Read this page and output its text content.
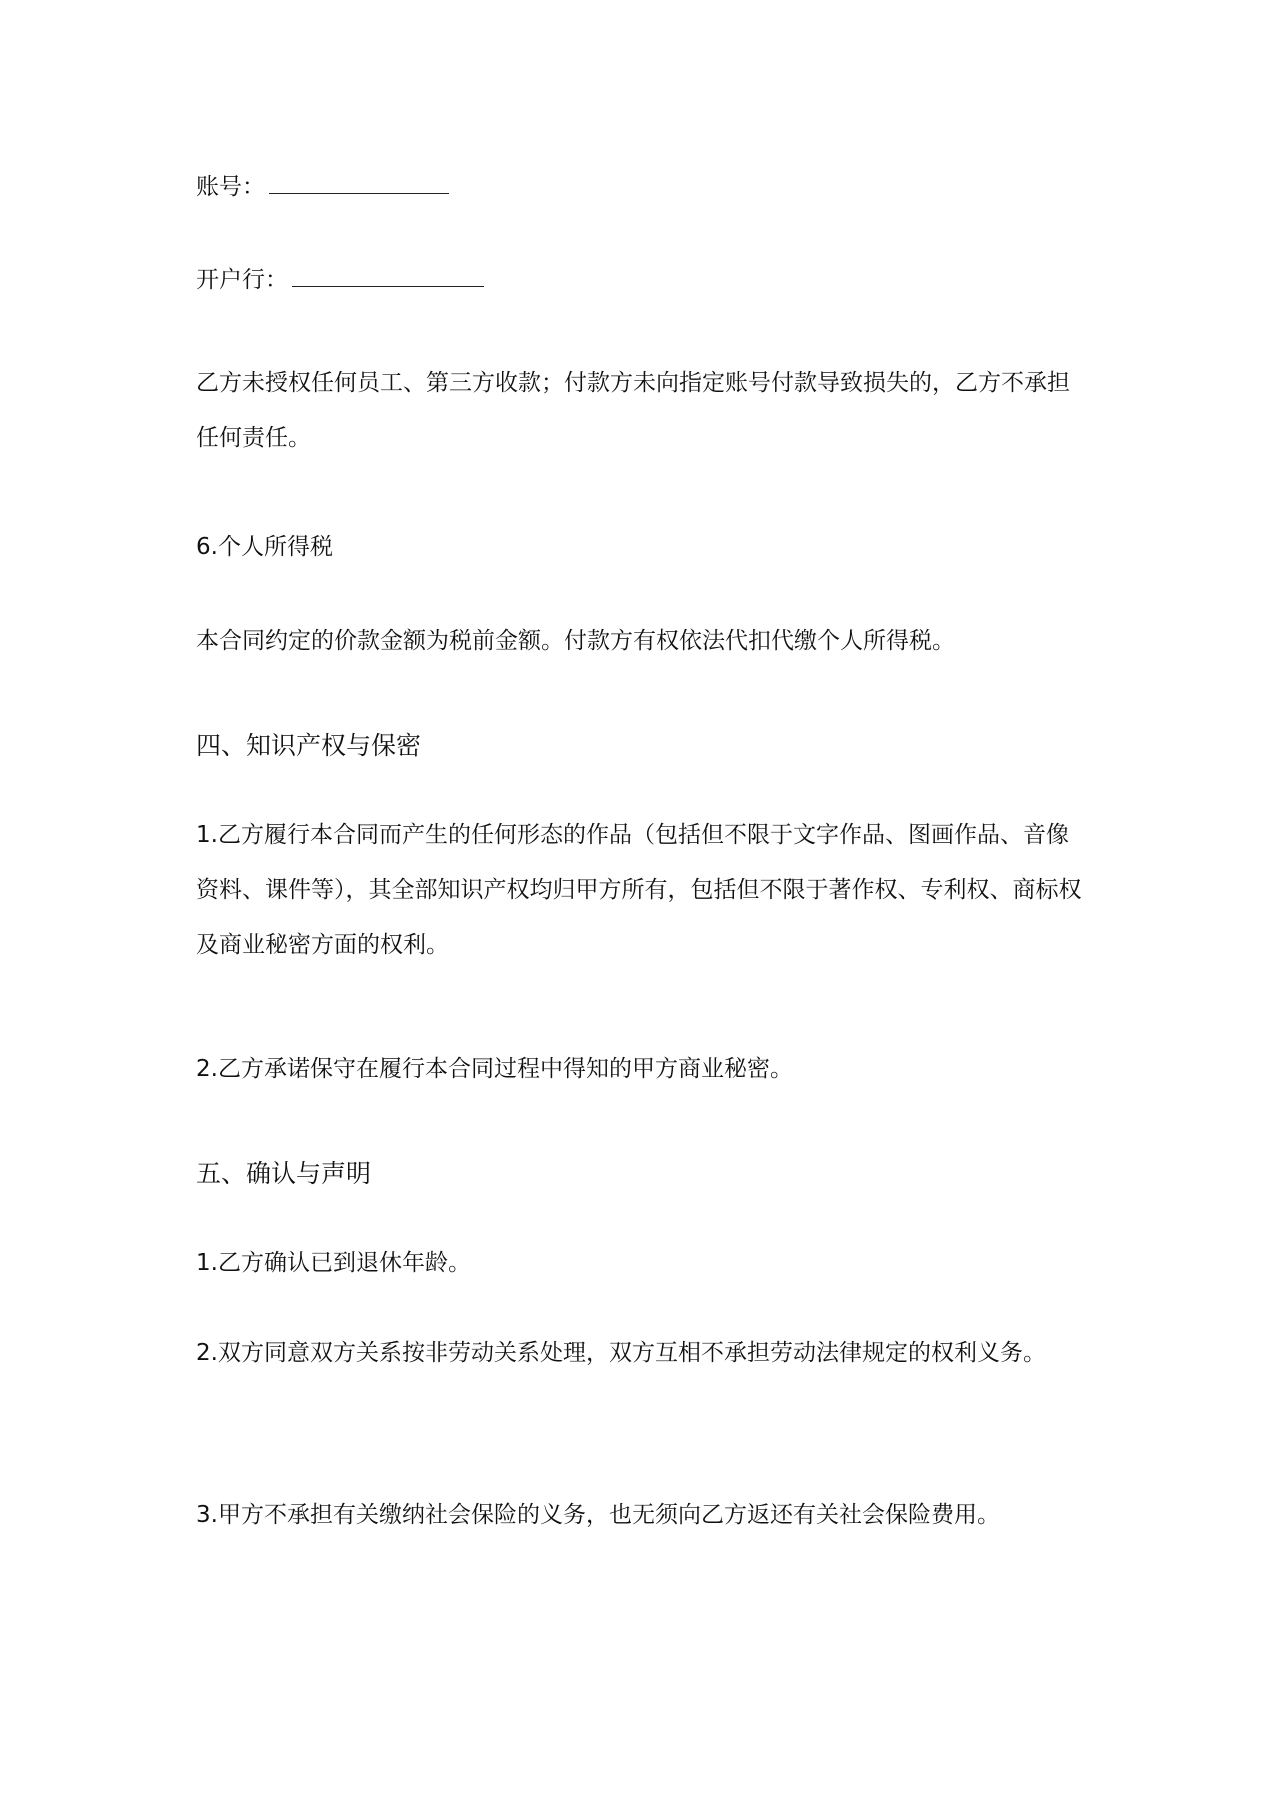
账号：

开户行：

乙方未授权任何员工、第三方收款；付款方未向指定账号付款导致损失的，乙方不承担任何责任。

6.个人所得税

本合同约定的价款金额为税前金额。付款方有权依法代扣代缴个人所得税。

四、知识产权与保密

1.乙方履行本合同而产生的任何形态的作品（包括但不限于文字作品、图画作品、音像资料、课件等），其全部知识产权均归甲方所有，包括但不限于著作权、专利权、商标权及商业秘密方面的权利。

2.乙方承诺保守在履行本合同过程中得知的甲方商业秘密。

五、确认与声明

1.乙方确认已到退休年龄。

2.双方同意双方关系按非劳动关系处理，双方互相不承担劳动法律规定的权利义务。

3.甲方不承担有关缴纳社会保险的义务，也无须向乙方返还有关社会保险费用。
